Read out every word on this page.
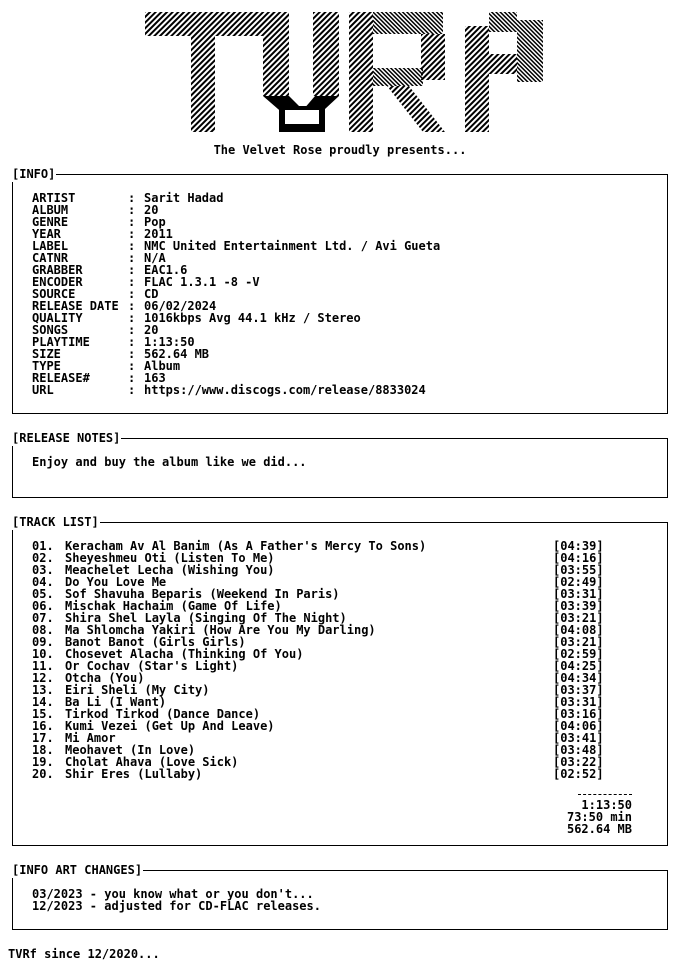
The Velvet Rose proudly presents...
[INFO]
ARTIST	: Sarit Hadad
ALBUM	: 20
GENRE	: Pop
YEAR	: 2011
LABEL	: NMC United Entertainment Ltd. / Avi Gueta
CATNR	: N/A
GRABBER	: EAC1.6
ENCODER	: FLAC 1.3.1 -8 -V
SOURCE	: CD
RELEASE DATE : 06/02/2024
QUALITY	: 1016kbps Avg 44.1 kHz / Stereo
SONGS	: 20
PLAYTIME	: 1:13:50
SIZE	: 562.64 MB
TYPE	: Album
RELEASE#	: 163
URL	: https://www.discogs.com/release/8833024
[RELEASE NOTES]
Enjoy and buy the album like we did...
[TRACK LIST]
01. Keracham Av Al Banim (As A Father's Mercy To Sons)	[04:39]
02. Sheyeshmeu Oti (Listen To Me)	[04:16]
03. Meachelet Lecha (Wishing You)	[03:55]
04. Do You Love Me	[02:49]
05. Sof Shavuha Beparis (Weekend In Paris)	[03:31]
06. Mischak Hachaim (Game Of Life)	[03:39]
07. Shira Shel Layla (Singing Of The Night)	[03:21]
08. Ma Shlomcha Yakiri (How Are You My Darling)	[04:08]
09. Banot Banot (Girls Girls)	[03:21]
10. Chosevet Alacha (Thinking Of You)	[02:59]
11. Or Cochav (Star's Light)	[04:25]
12. Otcha (You)	[04:34]
13. Eiri Sheli (My City)	[03:37]
14. Ba Li (I Want)	[03:31]
15. Tirkod Tirkod (Dance Dance)	[03:16]
16. Kumi Vezei (Get Up And Leave)	[04:06]
17. Mi Amor	[03:41]
18. Meohavet (In Love)	[03:48]
19. Cholat Ahava (Love Sick)	[03:22]
20. Shir Eres (Lullaby)	[02:52]
1:13:50
73:50 min
562.64 MB
[INFO ART CHANGES]
03/2023 - you know what or you don't...
12/2023 - adjusted for CD-FLAC releases.
TVRf since 12/2020...
